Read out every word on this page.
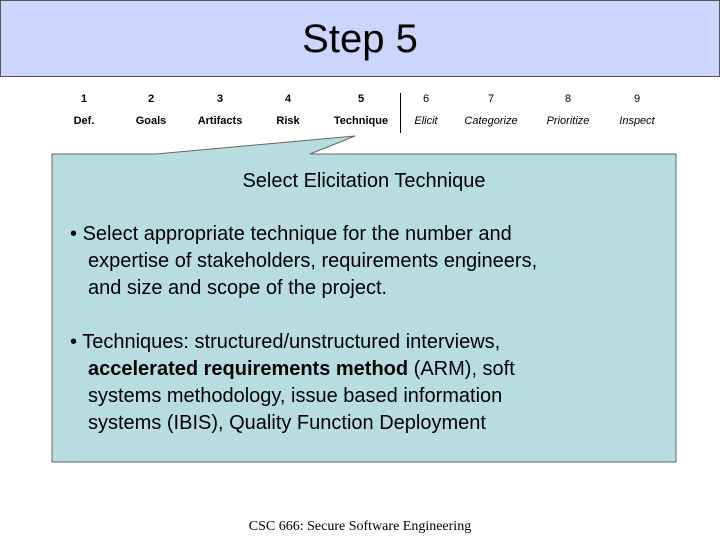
Step 5
1
Def.
2
Goals
3
Artifacts
4
Risk
5
Technique
6
Elicit
7
Categorize
8
Prioritize
9
Inspect
Select Elicitation Technique
• Select appropriate technique for the number and
expertise of stakeholders, requirements engineers,
and size and scope of the project.
• Techniques: structured/unstructured interviews,
accelerated requirements method (ARM), soft
systems methodology, issue based information
systems (IBIS), Quality Function Deployment
CSC 666: Secure Software Engineering
